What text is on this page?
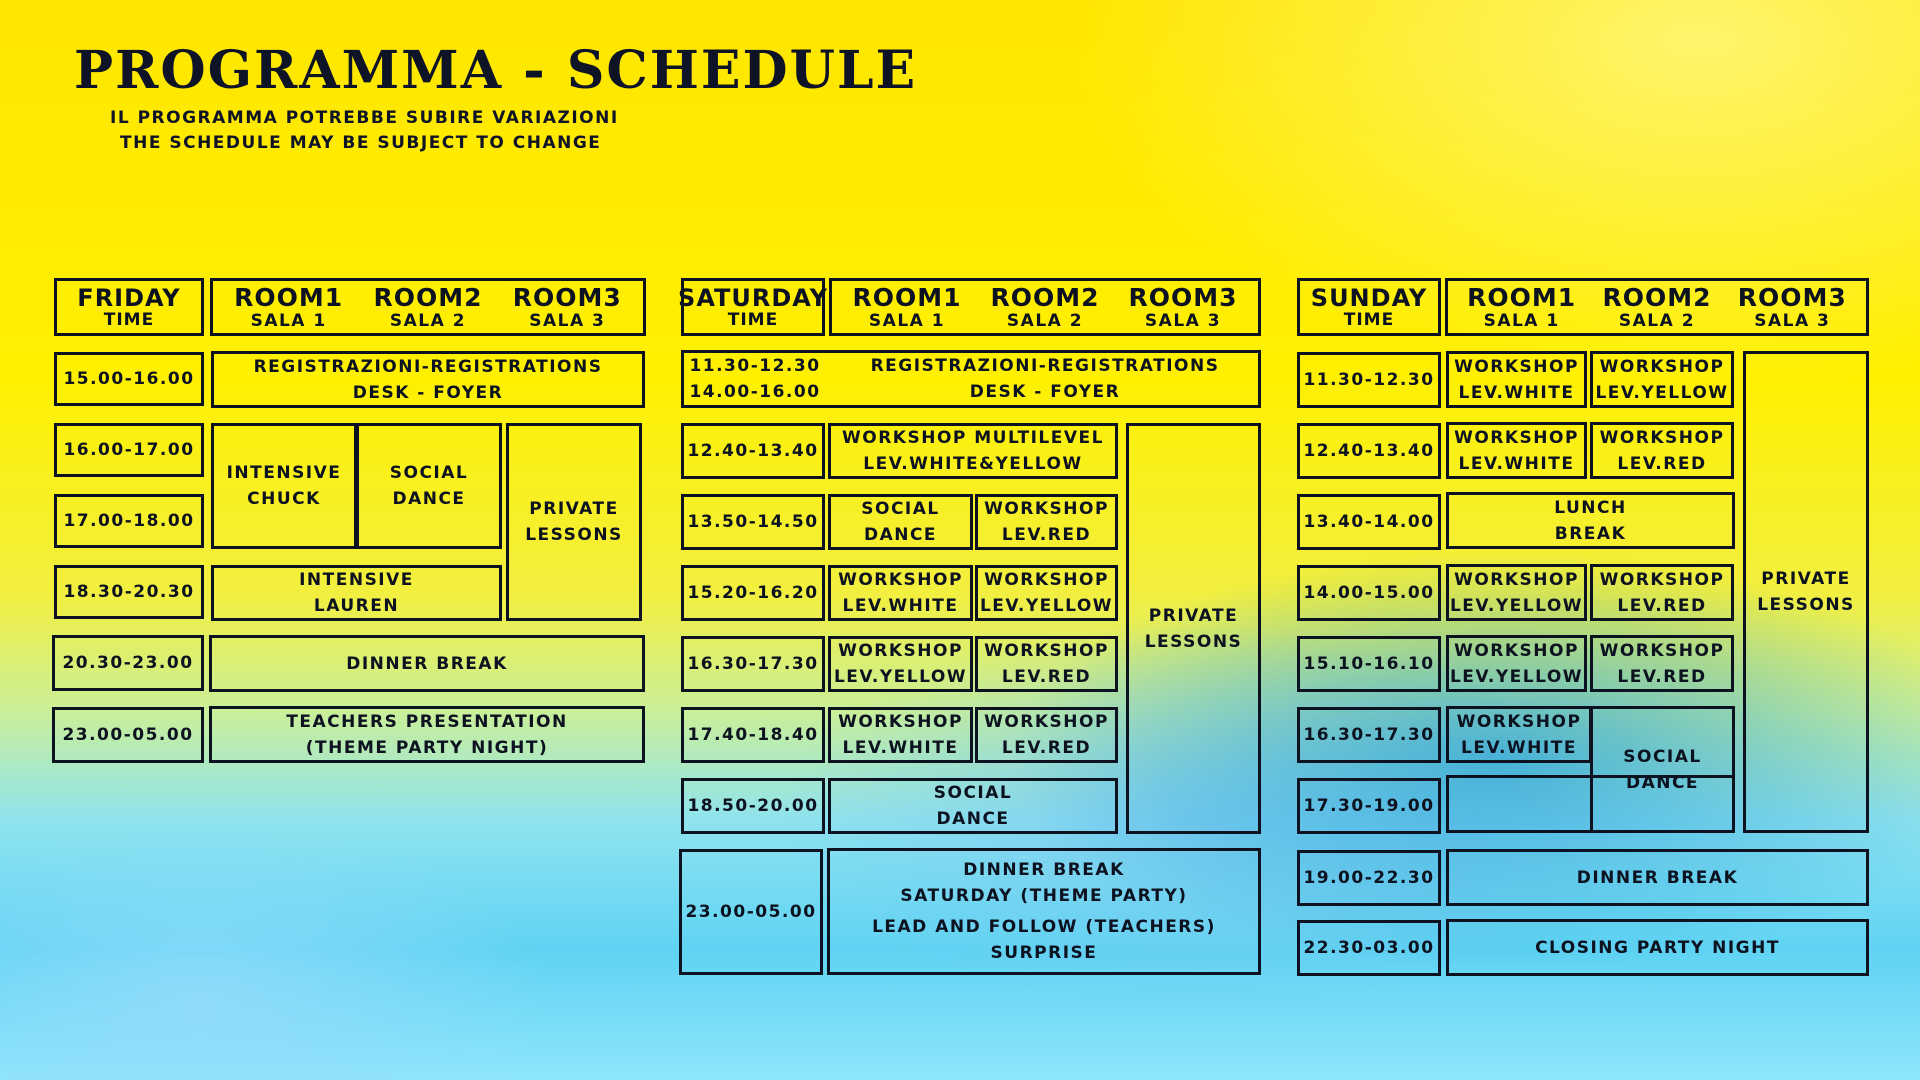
PROGRAMMA - SCHEDULE
IL PROGRAMMA POTREBBE SUBIRE VARIAZIONI
THE SCHEDULE MAY BE SUBJECT TO CHANGE
FRIDAY
TIME
ROOM1
SALA 1
ROOM2
SALA 2
ROOM3
SALA 3
15.00-16.00
16.00-17.00
17.00-18.00
18.30-20.30
20.30-23.00
23.00-05.00
REGISTRAZIONI-REGISTRATIONS
DESK - FOYER
INTENSIVE
CHUCK
SOCIAL
DANCE	PRIVATE
LESSONS
INTENSIVE
LAUREN
DINNER BREAK
TEACHERS PRESENTATION
(THEME PARTY NIGHT)
SATURDAY
TIME
ROOM1
SALA 1
ROOM2
SALA 2
ROOM3
SALA 3
11.30-12.30
14.00-16.00
REGISTRAZIONI-REGISTRATIONS
DESK - FOYER
12.40-13.40
13.50-14.50
15.20-16.20
16.30-17.30
17.40-18.40
18.50-20.00
23.00-05.00
WORKSHOP MULTILEVEL
LEV.WHITE&YELLOW
SOCIAL
DANCE
WORKSHOP
LEV.RED
WORKSHOP
LEV.WHITE
WORKSHOP
LEV.YELLOW
WORKSHOP
LEV.YELLOW
WORKSHOP
LEV.RED
WORKSHOP
LEV.WHITE
WORKSHOP
LEV.RED
SOCIAL
DANCE
PRIVATE
LESSONS
DINNER BREAK
SATURDAY (THEME PARTY)
LEAD AND FOLLOW (TEACHERS)
SURPRISE
SUNDAY
TIME
ROOM1
SALA 1
ROOM2
SALA 2
ROOM3
SALA 3
11.30-12.30
12.40-13.40
13.40-14.00
14.00-15.00
15.10-16.10
16.30-17.30
17.30-19.00
19.00-22.30
22.30-03.00
WORKSHOP
LEV.WHITE
WORKSHOP
LEV.YELLOW
WORKSHOP
LEV.WHITE
WORKSHOP
LEV.RED
LUNCH
BREAK
WORKSHOP
LEV.YELLOW
WORKSHOP
LEV.RED
WORKSHOP
LEV.YELLOW
WORKSHOP
LEV.RED
WORKSHOP
LEV.WHITE	SOCIAL
DANCE
PRIVATE
LESSONS
DINNER BREAK
CLOSING PARTY NIGHT
